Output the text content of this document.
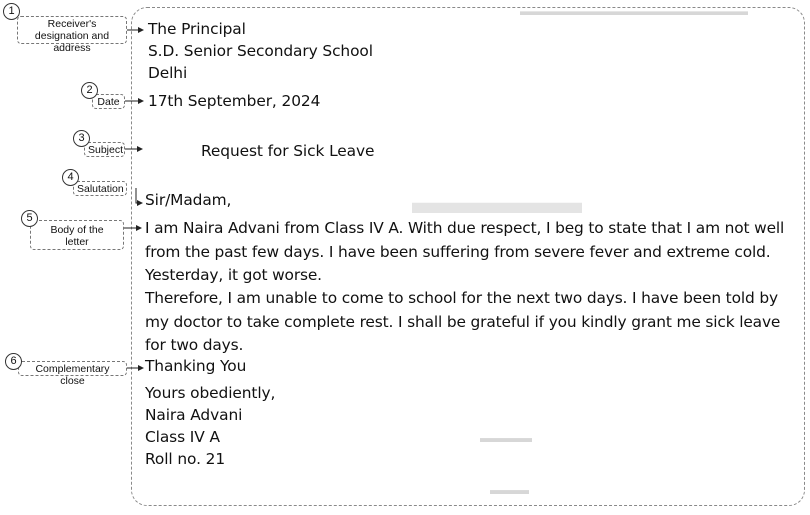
▬▬▬▬▬▬▬▬▬▬▬▬▬▬▬▬▬▬▬
▬▬▬▬▬
▬▬▬▬
▬▬▬
The Principal
S.D. Senior Secondary School
Delhi
17th September, 2024
Request for Sick Leave
Sir/Madam,
I am Naira Advani from Class IV A. With due respect, I beg to state that I am not well from the past few days. I have been suffering from severe fever and extreme cold. Yesterday, it got worse.
Therefore, I am unable to come to school for the next two days. I have been told by my doctor to take complete rest. I shall be grateful if you kindly grant me sick leave for two days.
Thanking You
Yours obediently,
Naira Advani
Class IV A
Roll no. 21
Receiver's designation and address
1
Date
2
Subject
3
Salutation
4
Body of the letter
5
Complementary close
6
